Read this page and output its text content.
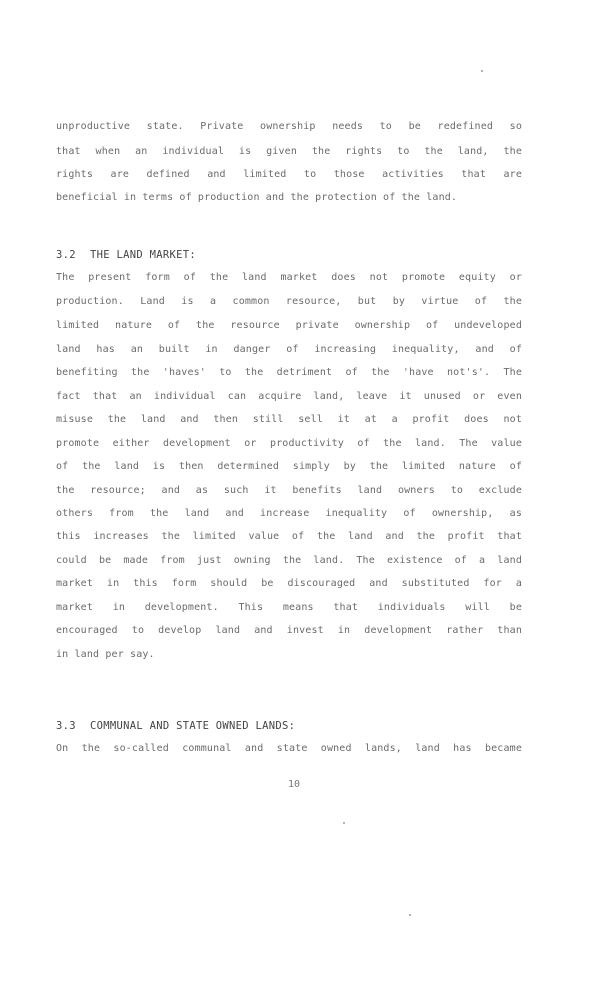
unproductive state. Private ownership needs to be redefined so
that when an individual is given the rights to the land, the
rights are defined and limited to those activities that are
beneficial in terms of production and the protection of the land.
3.2 THE LAND MARKET:
The present form of the land market does not promote equity or
production. Land is a common resource, but by virtue of the
limited nature of the resource private ownership of undeveloped
land has an built in danger of increasing inequality, and of
benefiting the 'haves' to the detriment of the 'have not's'. The
fact that an individual can acquire land, leave it unused or even
misuse the land and then still sell it at a profit does not
promote either development or productivity of the land. The value
of the land is then determined simply by the limited nature of
the resource; and as such it benefits land owners to exclude
others from the land and increase inequality of ownership, as
this increases the limited value of the land and the profit that
could be made from just owning the land. The existence of a land
market in this form should be discouraged and substituted for a
market in development. This means that individuals will be
encouraged to develop land and invest in development rather than
in land per say.
3.3 COMMUNAL AND STATE OWNED LANDS:
On the so-called communal and state owned lands, land has became
10
